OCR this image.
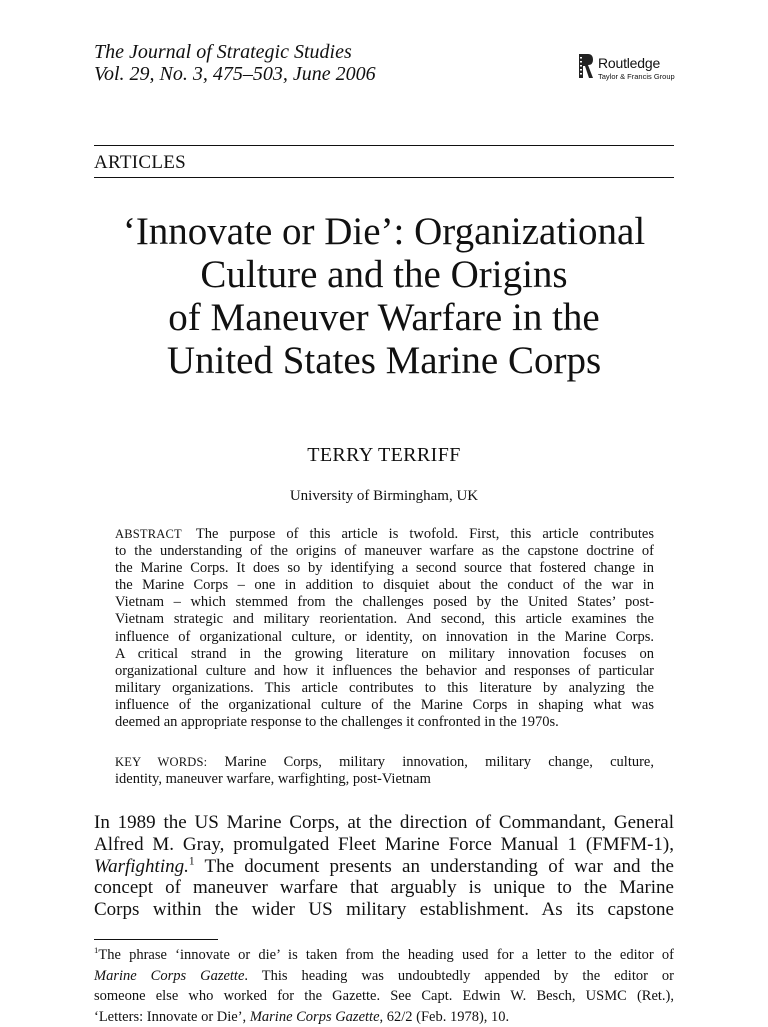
The Journal of Strategic Studies
Vol. 29, No. 3, 475–503, June 2006	Routledge
Taylor & Francis Group
ARTICLES
‘Innovate or Die’: Organizational
Culture and the Origins
of Maneuver Warfare in the
United States Marine Corps
TERRY TERRIFF
University of Birmingham, UK
ABSTRACT The purpose of this article is twofold. First, this article contributes
to the understanding of the origins of maneuver warfare as the capstone doctrine of
the Marine Corps. It does so by identifying a second source that fostered change in
the Marine Corps – one in addition to disquiet about the conduct of the war in
Vietnam – which stemmed from the challenges posed by the United States’ post-
Vietnam strategic and military reorientation. And second, this article examines the
influence of organizational culture, or identity, on innovation in the Marine Corps.
A critical strand in the growing literature on military innovation focuses on
organizational culture and how it influences the behavior and responses of particular
military organizations. This article contributes to this literature by analyzing the
influence of the organizational culture of the Marine Corps in shaping what was
deemed an appropriate response to the challenges it confronted in the 1970s.
KEY WORDS: Marine Corps, military innovation, military change, culture,
identity, maneuver warfare, warfighting, post-Vietnam
In 1989 the US Marine Corps, at the direction of Commandant, General
Alfred M. Gray, promulgated Fleet Marine Force Manual 1 (FMFM-1),
Warfighting.$^1$ The document presents an understanding of war and the
concept of maneuver warfare that arguably is unique to the Marine
Corps within the wider US military establishment. As its capstone
$^1$The phrase ‘innovate or die’ is taken from the heading used for a letter to the editor of
Marine Corps Gazette. This heading was undoubtedly appended by the editor or
someone else who worked for the Gazette. See Capt. Edwin W. Besch, USMC (Ret.),
‘Letters: Innovate or Die’, Marine Corps Gazette, 62/2 (Feb. 1978), 10.
